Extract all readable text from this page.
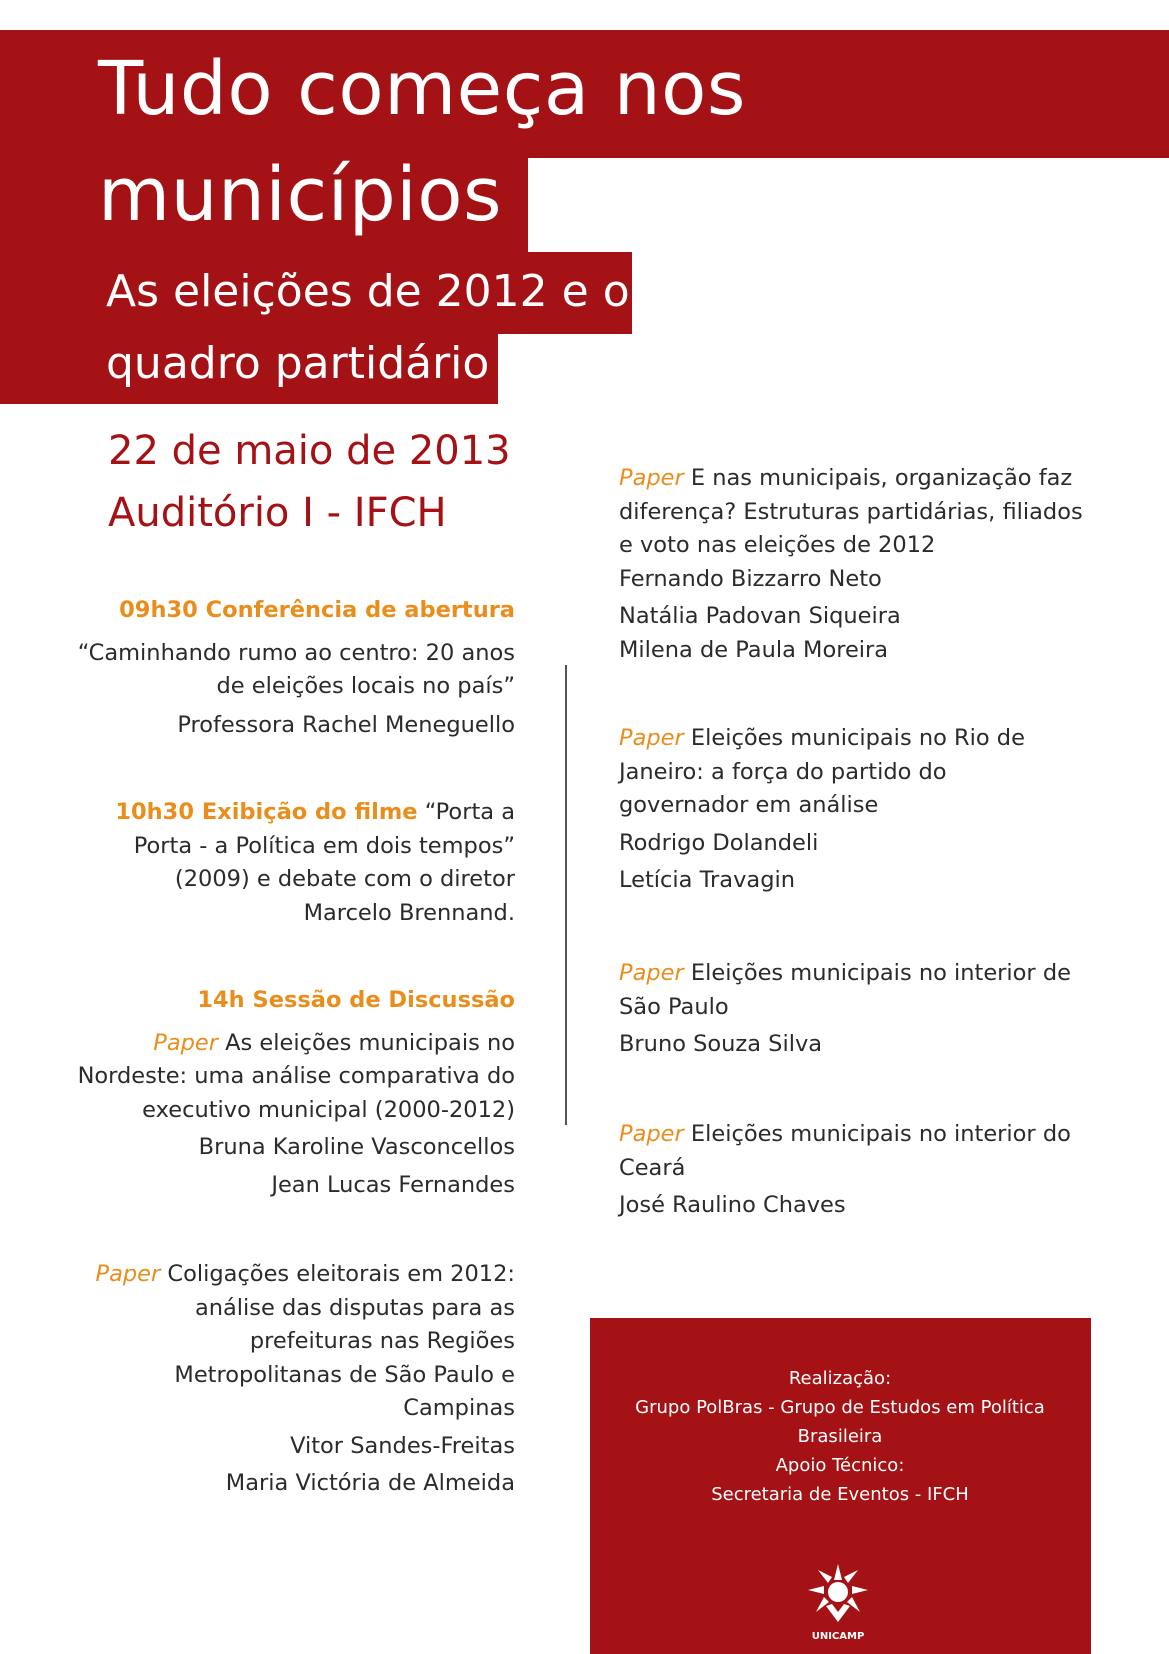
Tudo começa nos
municípios
As eleições de 2012 e o
quadro partidário
22 de maio de 2013
Auditório I - IFCH
09h30 Conferência de abertura
“Caminhando rumo ao centro: 20 anos
de eleições locais no país”
Professora Rachel Meneguello
10h30 Exibição do filme “Porta a
Porta - a Política em dois tempos”
(2009) e debate com o diretor
Marcelo Brennand.
14h Sessão de Discussão
Paper As eleições municipais no
Nordeste: uma análise comparativa do
executivo municipal (2000-2012)
Bruna Karoline Vasconcellos
Jean Lucas Fernandes
Paper Coligações eleitorais em 2012:
análise das disputas para as
prefeituras nas Regiões
Metropolitanas de São Paulo e
Campinas
Vitor Sandes-Freitas
Maria Victória de Almeida
Paper E nas municipais, organização faz
diferença? Estruturas partidárias, filiados
e voto nas eleições de 2012
Fernando Bizzarro Neto
Natália Padovan Siqueira
Milena de Paula Moreira
Paper Eleições municipais no Rio de
Janeiro: a força do partido do
governador em análise
Rodrigo Dolandeli
Letícia Travagin
Paper Eleições municipais no interior de
São Paulo
Bruno Souza Silva
Paper Eleições municipais no interior do
Ceará
José Raulino Chaves
Realização:
Grupo PolBras - Grupo de Estudos em Política
Brasileira
Apoio Técnico:
Secretaria de Eventos - IFCH
UNICAMP
